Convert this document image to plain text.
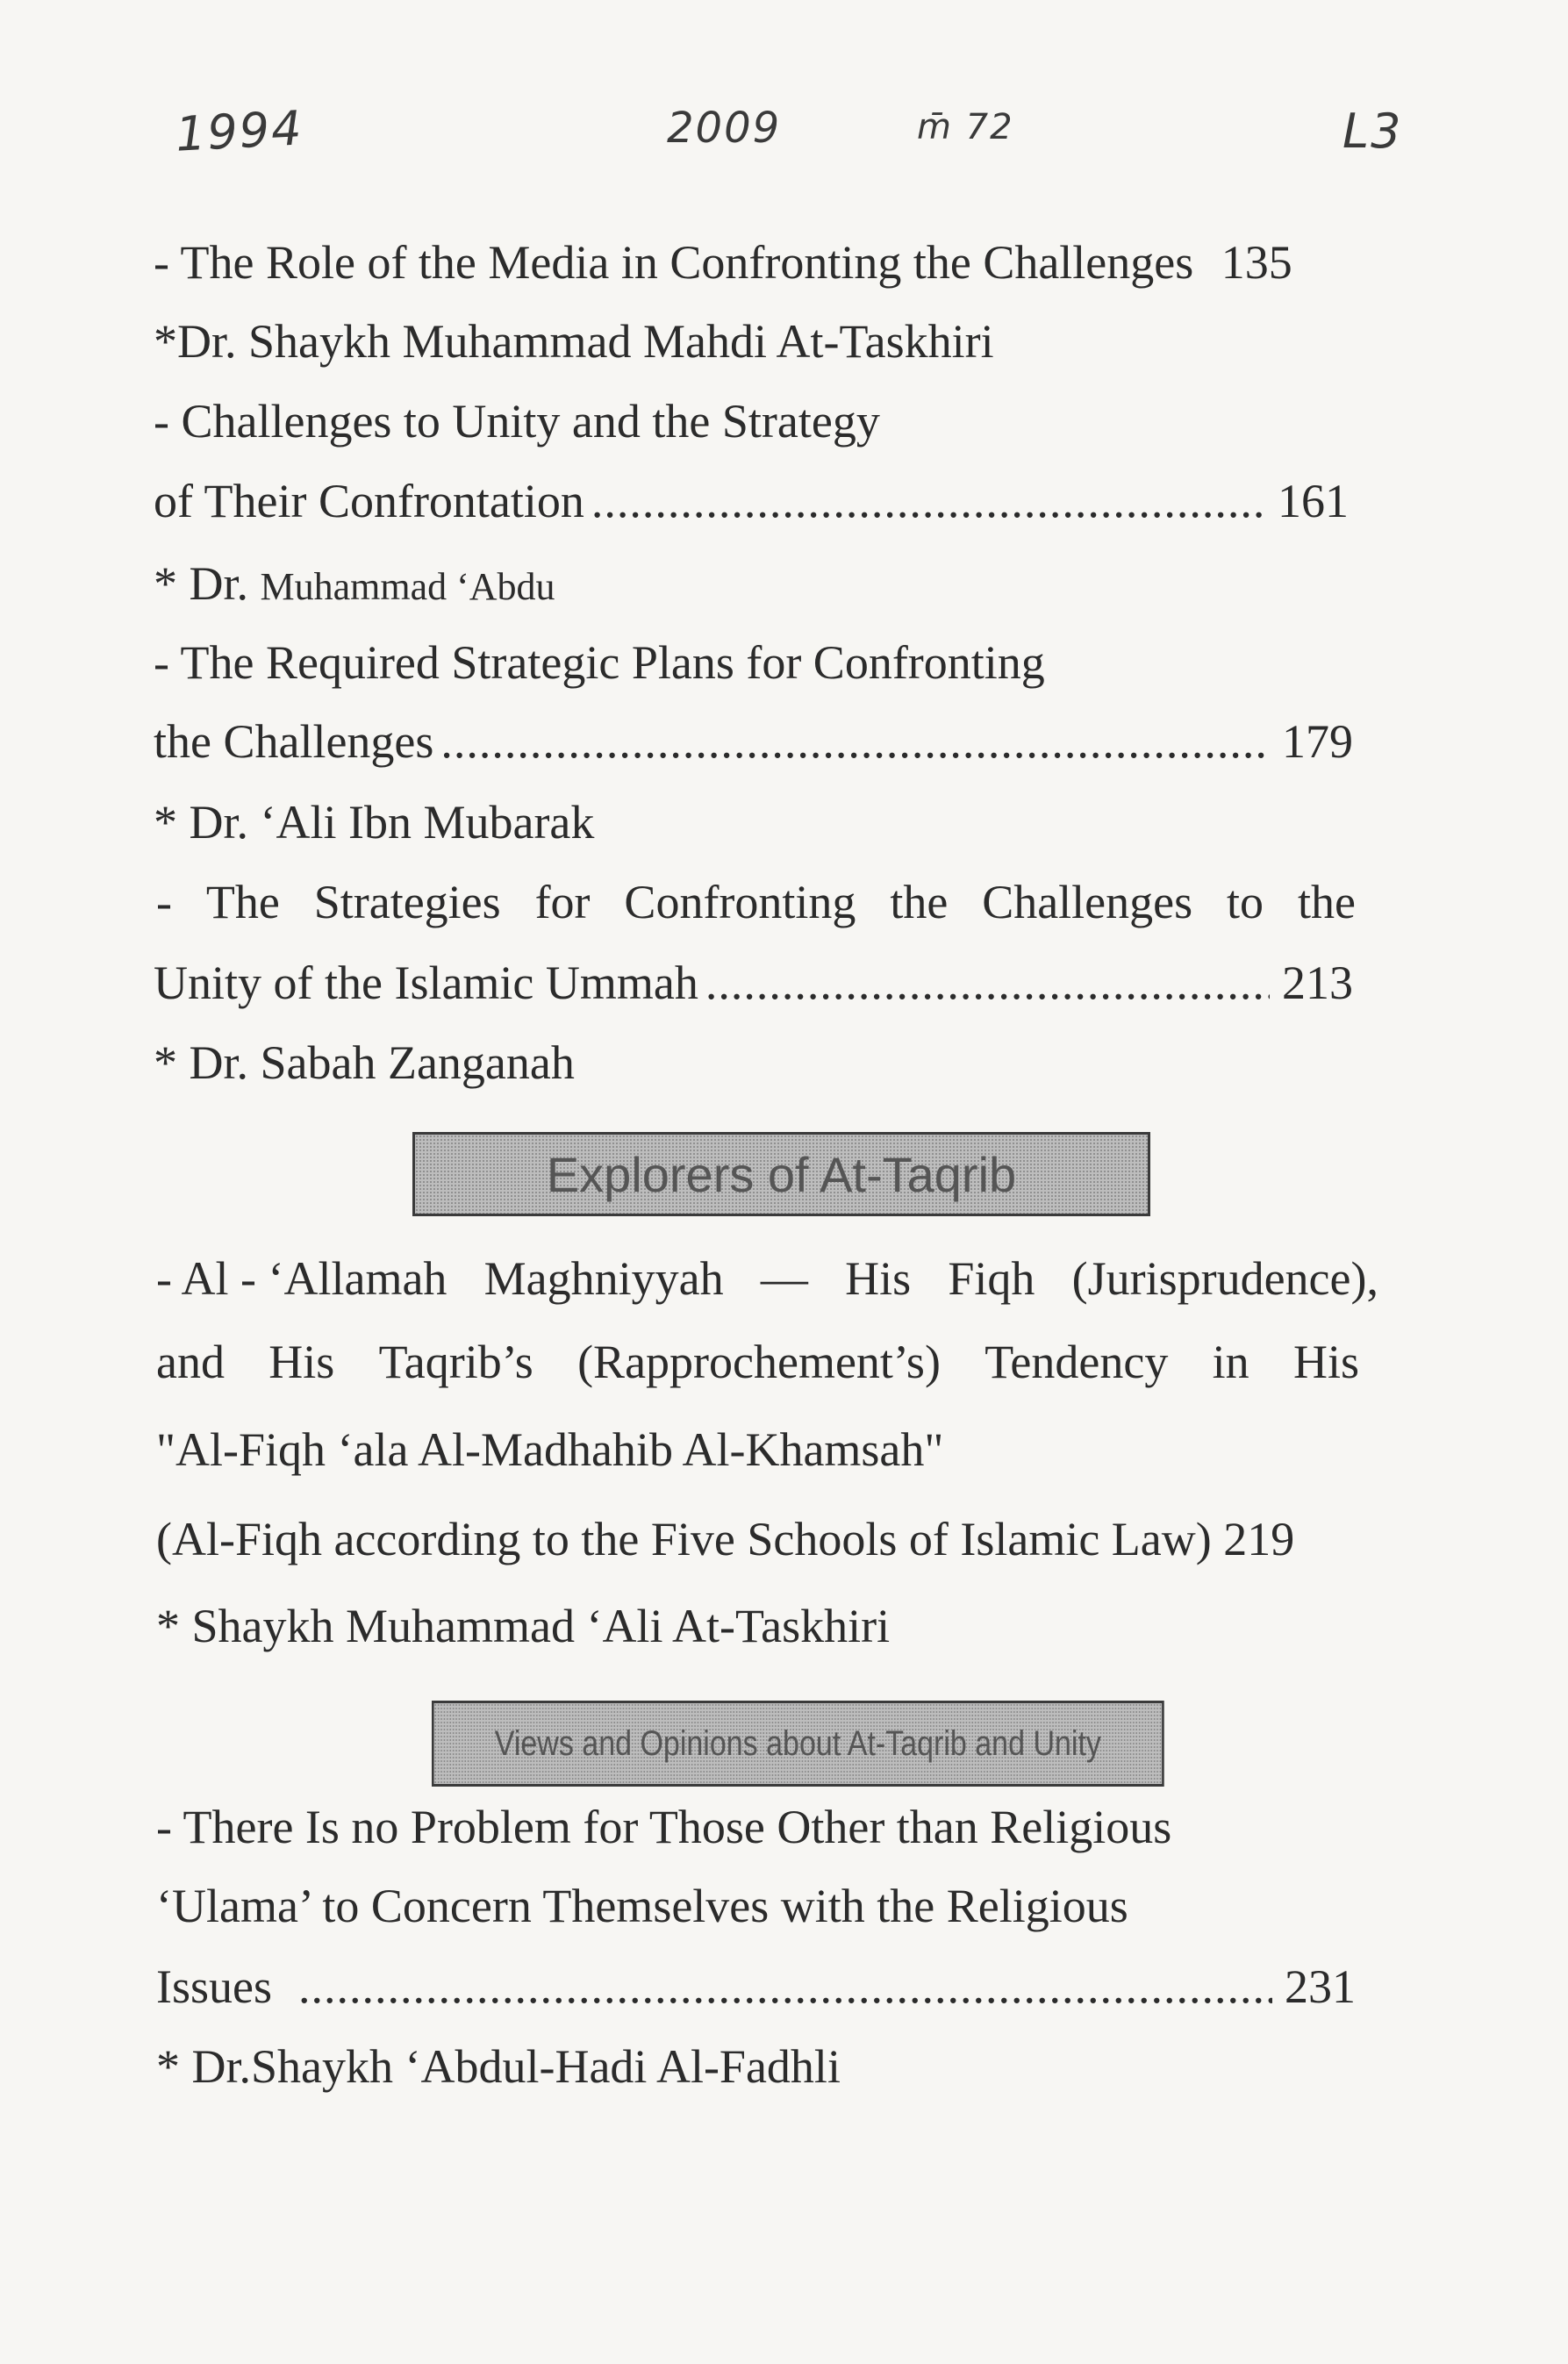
1994	2009	m̄ 72	L3
- The Role of the Media in Confronting the Challenges 135
*Dr. Shaykh Muhammad Mahdi At-Taskhiri
- Challenges to Unity and the Strategy
of Their Confrontation .....	161
* Dr. Muhammad ‘Abdu
- The Required Strategic Plans for Confronting
the Challenges .....	179
* Dr. ‘Ali Ibn Mubarak
- The Strategies for Confronting the Challenges to the
Unity of the Islamic Ummah .....	213
* Dr. Sabah Zanganah
Explorers of At-Taqrib
- Al - ‘Allamah Maghniyyah — His Fiqh (Jurisprudence),
and His Taqrib’s (Rapprochement’s) Tendency in His
"Al-Fiqh ‘ala Al-Madhahib Al-Khamsah"
(Al-Fiqh according to the Five Schools of Islamic Law) 219
* Shaykh Muhammad ‘Ali At-Taskhiri
Views and Opinions about At-Taqrib and Unity
- There Is no Problem for Those Other than Religious
‘Ulama’ to Concern Themselves with the Religious
Issues .....	231
* Dr.Shaykh ‘Abdul-Hadi Al-Fadhli
